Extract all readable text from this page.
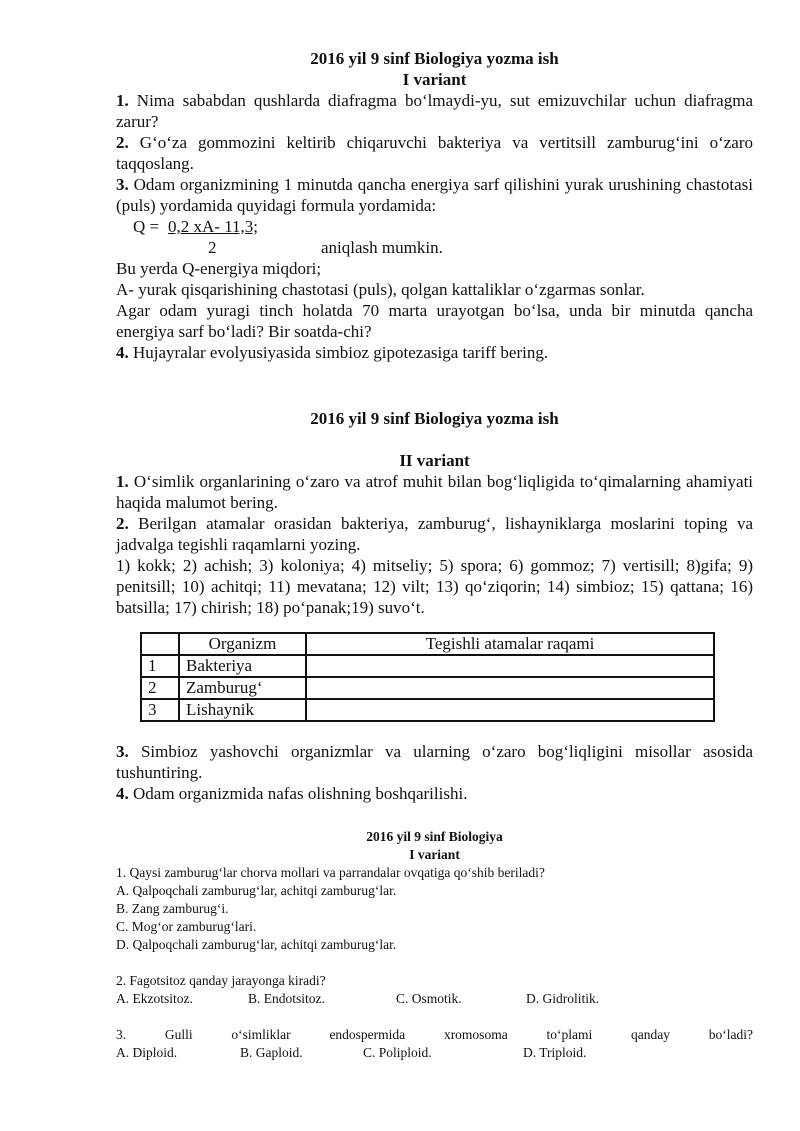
2016 yil 9 sinf Biologiya yozma ish

I variant

1. Nima sababdan qushlarda diafragma bo‘lmaydi-yu, sut emizuvchilar uchun diafragma zarur?

2. G‘o‘za gommozini keltirib chiqaruvchi bakteriya va vertitsill zamburug‘ini o‘zaro taqqoslang.

3. Odam organizmining 1 minutda qancha energiya sarf qilishini yurak urushining chastotasi (puls) yordamida quyidagi formula yordamida:

Q = 0,2 xA- 11,3;
2	aniqlash mumkin.

Bu yerda Q-energiya miqdori;

A- yurak qisqarishining chastotasi (puls), qolgan kattaliklar o‘zgarmas sonlar.

Agar odam yuragi tinch holatda 70 marta urayotgan bo‘lsa, unda bir minutda qancha energiya sarf bo‘ladi? Bir soatda-chi?

4. Hujayralar evolyusiyasida simbioz gipotezasiga tariff bering.

2016 yil 9 sinf Biologiya yozma ish

II variant

1. O‘simlik organlarining o‘zaro va atrof muhit bilan bog‘liqligida to‘qimalarning ahamiyati haqida malumot bering.

2. Berilgan atamalar orasidan bakteriya, zamburug‘, lishayniklarga moslarini toping va jadvalga tegishli raqamlarni yozing.

1) kokk; 2) achish; 3) koloniya; 4) mitseliy; 5) spora; 6) gommoz; 7) vertisill; 8)gifa; 9) penitsill; 10) achitqi; 11) mevatana; 12) vilt; 13) qo‘ziqorin; 14) simbioz; 15) qattana; 16) batsilla; 17) chirish; 18) po‘panak;19) suvo‘t.

	Organizm	Tegishli atamalar raqami
1	Bakteriya	
2	Zamburug‘	
3	Lishaynik	

3. Simbioz yashovchi organizmlar va ularning o‘zaro bog‘liqligini misollar asosida tushuntiring.

4. Odam organizmida nafas olishning boshqarilishi.

2016 yil 9 sinf Biologiya

I variant

1. Qaysi zamburug‘lar chorva mollari va parrandalar ovqatiga qo‘shib beriladi?

A. Qalpoqchali zamburug‘lar, achitqi zamburug‘lar.

B. Zang zamburug‘i.

C. Mog‘or zamburug‘lari.

D. Qalpoqchali zamburug‘lar, achitqi zamburug‘lar.

2. Fagotsitoz qanday jarayonga kiradi?

A. Ekzotsitoz.	B. Endotsitoz.	C. Osmotik.	D. Gidrolitik.
3.	Gulli	o‘simliklar	endospermida	xromosoma	to‘plami	qanday	bo‘ladi?
A. Diploid.	B. Gaploid.	C. Poliploid.	D. Triploid.
